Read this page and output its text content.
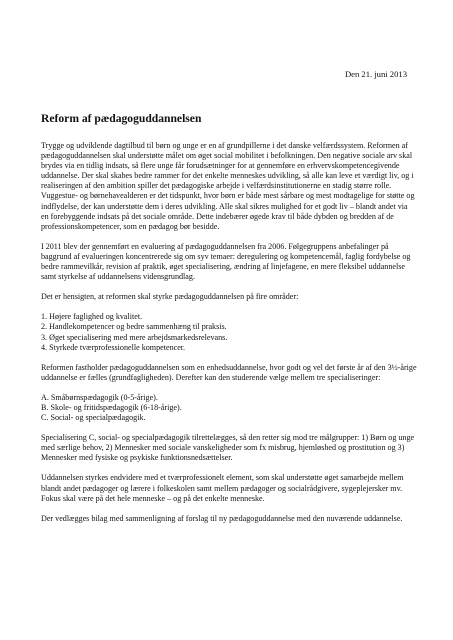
Den 21. juni 2013
Reform af pædagoguddannelsen

Trygge og udviklende dagtilbud til børn og unge er en af grundpillerne i det danske velfærdssystem. Reformen af pædagoguddannelsen skal understøtte målet om øget social mobilitet i befolkningen. Den negative sociale arv skal brydes via en tidlig indsats, så flere unge får forudsætninger for at gennemføre en erhvervskompetencegivende uddannelse. Der skal skabes bedre rammer for det enkelte menneskes udvikling, så alle kan leve et værdigt liv, og i realiseringen af den ambition spiller det pædagogiske arbejde i velfærdsinstitutionerne en stadig større rolle. Vuggestue- og børnehavealderen er det tidspunkt, hvor børn er både mest sårbare og mest modtagelige for støtte og indflydelse, der kan understøtte dem i deres udvikling. Alle skal sikres mulighed for et godt liv – blandt andet via en forebyggende indsats på det sociale område. Dette indebærer øgede krav til både dybden og bredden af de professionskompetencer, som en pædagog bør besidde.

I 2011 blev der gennemført en evaluering af pædagoguddannelsen fra 2006. Følgegruppens anbefalinger på baggrund af evalueringen koncentrerede sig om syv temaer: deregulering og kompetencemål, faglig fordybelse og bedre rammevilkår, revision af praktik, øget specialisering, ændring af linjefagene, en mere fleksibel uddannelse samt styrkelse af uddannelsens vidensgrundlag.

Det er hensigten, at reformen skal styrke pædagoguddannelsen på fire områder:

1. Højere faglighed og kvalitet.
2. Handlekompetencer og bedre sammenhæng til praksis.
3. Øget specialisering med mere arbejdsmarkedsrelevans.
4. Styrkede tværprofessionelle kompetencer.

Reformen fastholder pædagoguddannelsen som en enhedsuddannelse, hvor godt og vel det første år af den 3½-årige uddannelse er fælles (grundfagligheden). Derefter kan den studerende vælge mellem tre specialiseringer:

A. Småbørnspædagogik (0-5-årige).
B. Skole- og fritidspædagogik (6-18-årige).
C. Social- og specialpædagogik.

Specialisering C, social- og specialpædagogik tilrettelægges, så den retter sig mod tre målgrupper: 1) Børn og unge med særlige behov, 2) Mennesker med sociale vanskeligheder som fx misbrug, hjemløshed og prostitution og 3) Mennesker med fysiske og psykiske funktionsnedsættelser.

Uddannelsen styrkes endvidere med et tværprofessionelt element, som skal understøtte øget samarbejde mellem blandt andet pædagoger og lærere i folkeskolen samt mellem pædagoger og socialrådgivere, sygeplejersker mv. Fokus skal være på det hele menneske – og på det enkelte menneske.

Der vedlægges bilag med sammenligning af forslag til ny pædagoguddannelse med den nuværende uddannelse.
